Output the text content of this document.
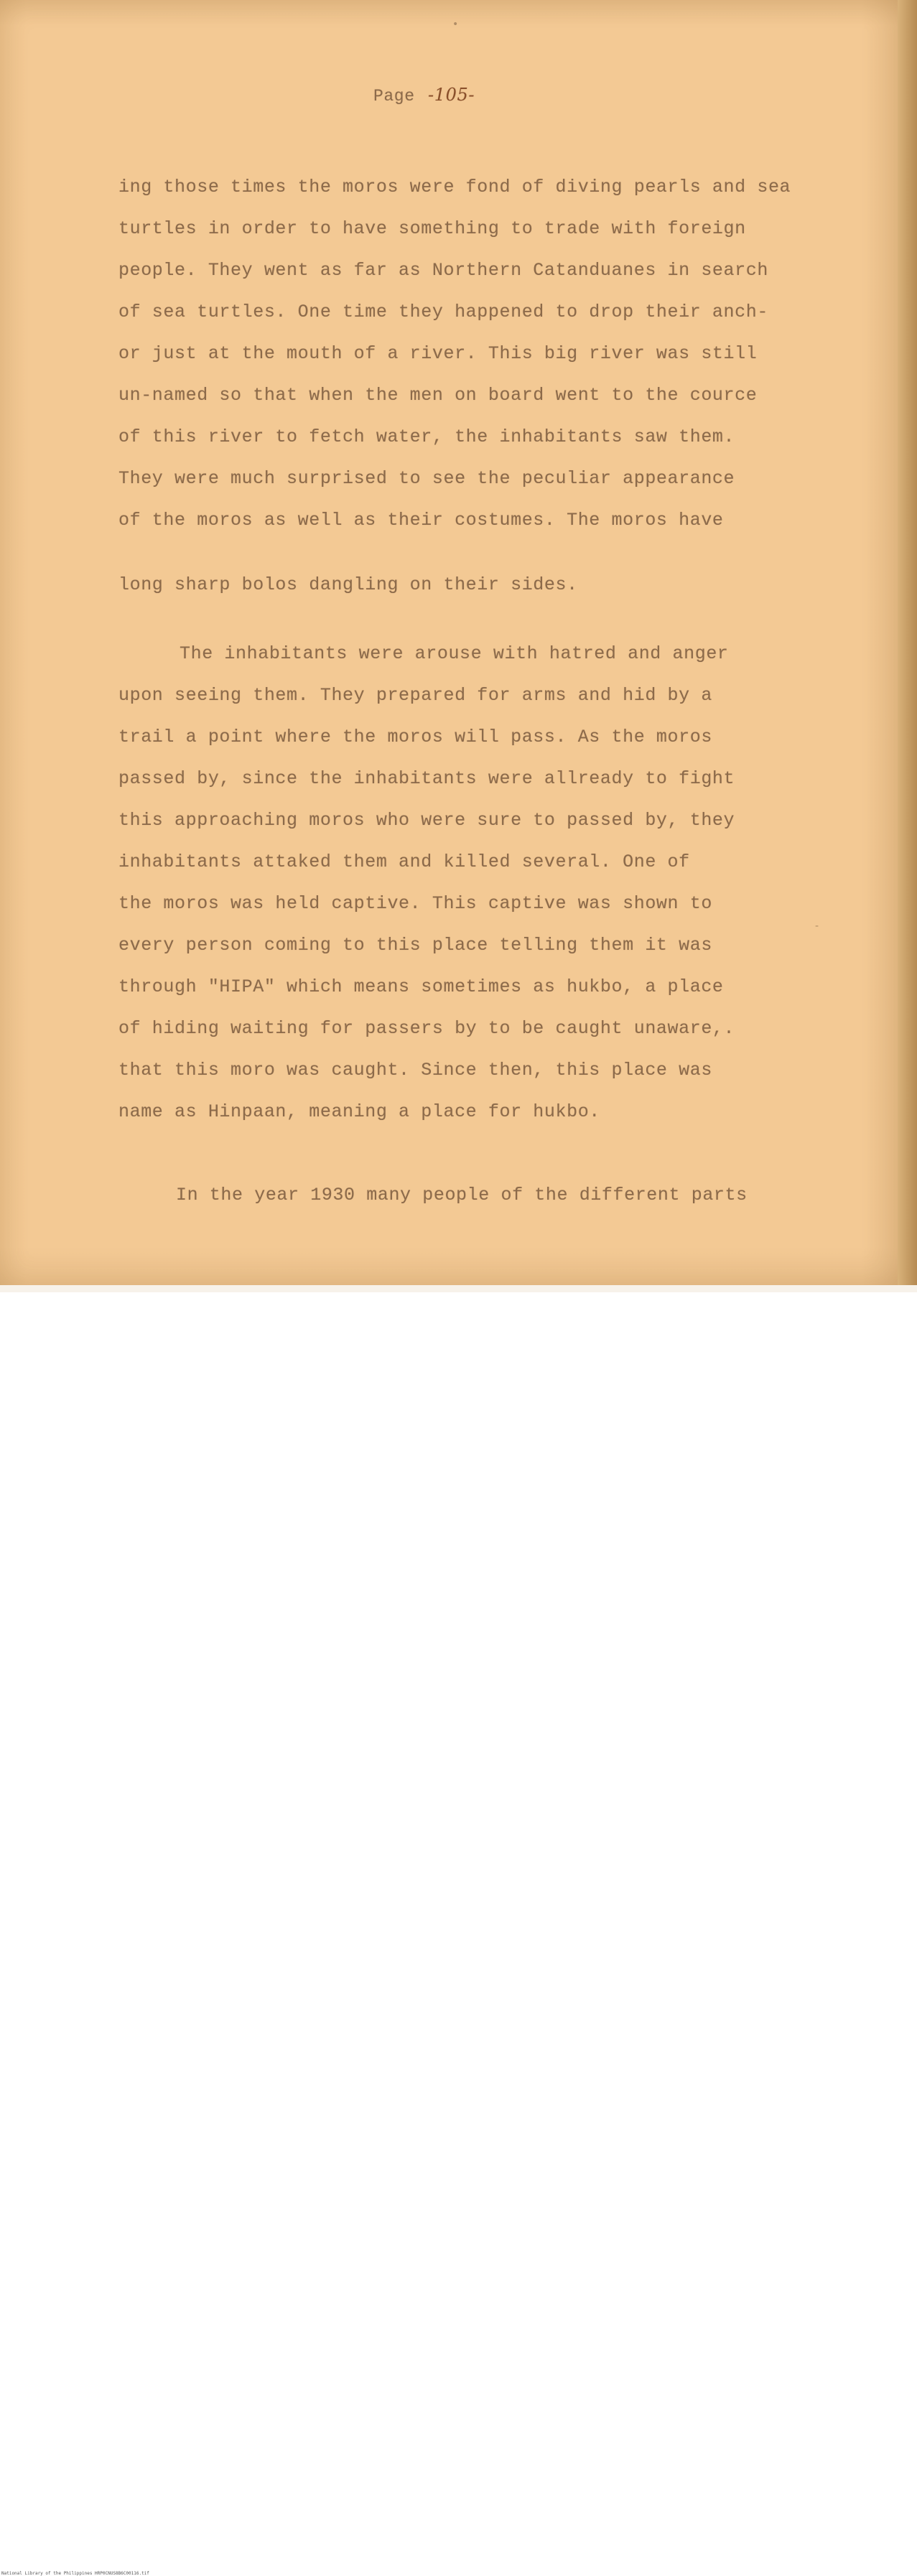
Page -105-
ing those times the moros were fond of diving pearls and sea
turtles in order to have something to trade with foreign
people. They went as far as Northern Catanduanes in search
of sea turtles. One time they happened to drop their anch-
or just at the mouth of a river. This big river was still
un-named so that when the men on board went to the cource
of this river to fetch water, the inhabitants saw them.
They were much surprised to see the peculiar appearance
of the moros as well as their costumes. The moros have
long sharp bolos dangling on their sides.
The inhabitants were arouse with hatred and anger
upon seeing them. They prepared for arms and hid by a
trail a point where the moros will pass. As the moros
passed by, since the inhabitants were allready to fight
this approaching moros who were sure to passed by, they
inhabitants attaked them and killed several. One of
the moros was held captive. This captive was shown to
every person coming to this place telling them it was
through "HIPA" which means sometimes as hukbo, a place
of hiding waiting for passers by to be caught unaware,.
that this moro was caught. Since then, this place was
name as Hinpaan, meaning a place for hukbo.
In the year 1930 many people of the different parts
•
-
National Library of the Philippines HRP0CNUS8B6C00116.tif
